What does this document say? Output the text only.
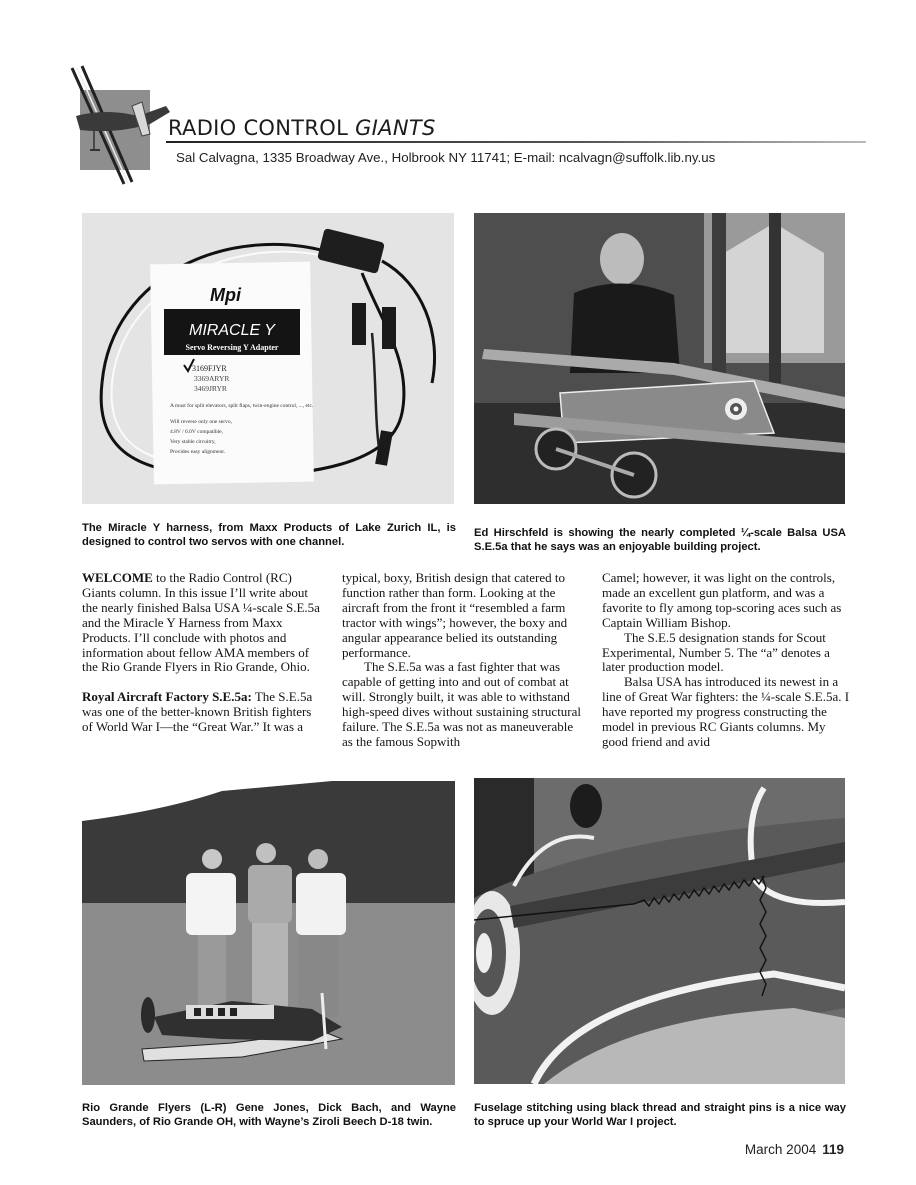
RADIO CONTROL GIANTS
Sal Calvagna, 1335 Broadway Ave., Holbrook NY 11741; E-mail: ncalvagn@suffolk.lib.ny.us
Mpi
MIRACLE Y
Servo Reversing Y Adapter
3169FJYR
3369ARYR
3469JRYR
A must for split elevators, split flaps, twin-engine control, ..., etc.
Will reverse only one servo,
4.8V / 6.0V compatible,
Very stable circuitry,
Provides easy alignment.
The Miracle Y harness, from Maxx Products of Lake Zurich IL, is designed to control two servos with one channel.
Ed Hirschfeld is showing the nearly completed ¼-scale Balsa USA S.E.5a that he says was an enjoyable building project.

WELCOME to the Radio Control (RC) Giants column. In this issue I’ll write about the nearly finished Balsa USA ¼-scale S.E.5a and the Miracle Y Harness from Maxx Products. I’ll conclude with photos and information about fellow AMA members of the Rio Grande Flyers in Rio Grande, Ohio.

Royal Aircraft Factory S.E.5a: The S.E.5a was one of the better-known British fighters of World War I—the “Great War.” It was a

typical, boxy, British design that catered to function rather than form. Looking at the aircraft from the front it “resembled a farm tractor with wings”; however, the boxy and angular appearance belied its outstanding performance.

The S.E.5a was a fast fighter that was capable of getting into and out of combat at will. Strongly built, it was able to withstand high-speed dives without sustaining structural failure. The S.E.5a was not as maneuverable as the famous Sopwith

Camel; however, it was light on the controls, made an excellent gun platform, and was a favorite to fly among top-scoring aces such as Captain William Bishop.

The S.E.5 designation stands for Scout Experimental, Number 5. The “a” denotes a later production model.

Balsa USA has introduced its newest in a line of Great War fighters: the ¼-scale S.E.5a. I have reported my progress constructing the model in previous RC Giants columns. My good friend and avid

Rio Grande Flyers (L-R) Gene Jones, Dick Bach, and Wayne Saunders, of Rio Grande OH, with Wayne’s Ziroli Beech D-18 twin.
Fuselage stitching using black thread and straight pins is a nice way to spruce up your World War I project.
March 2004 119
